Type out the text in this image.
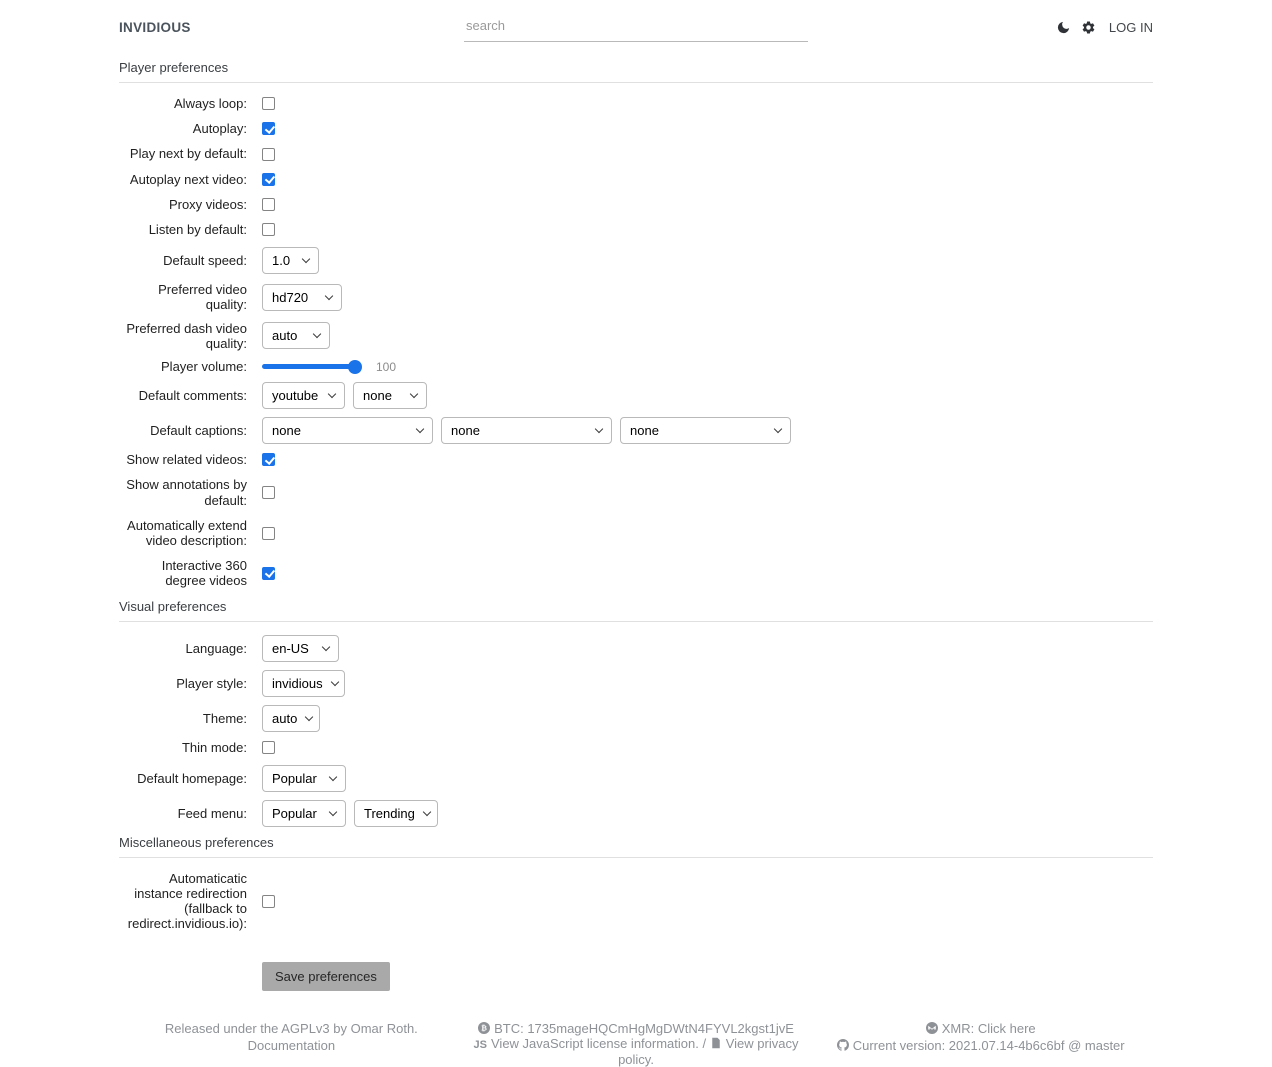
INVIDIOUS
search	LOG IN
Player preferences
Always loop:
Autoplay:
Play next by default:
Autoplay next video:
Proxy videos:
Listen by default:
Default speed: 1.0
Preferred video quality: hd720
Preferred dash video quality: auto
Player volume:	100
Default comments: youtube	none
Default captions: none	none	none
Show related videos:
Show annotations by default:
Automatically extend video description:
Interactive 360 degree videos
Visual preferences
Language: en-US
Player style: invidious
Theme: auto
Thin mode:
Default homepage: Popular
Feed menu: Popular	Trending
Miscellaneous preferences
Automaticatic instance redirection (fallback to redirect.invidious.io):
Save preferences
Released under the AGPLv3 by Omar Roth.
Documentation
₿ BTC: 1735mageHQCmHgMgDWtN4FYVL2kgst1jvE
JS View JavaScript license information. / View privacy policy.
XMR: Click here
Current version: 2021.07.14-4b6c6bf @ master
